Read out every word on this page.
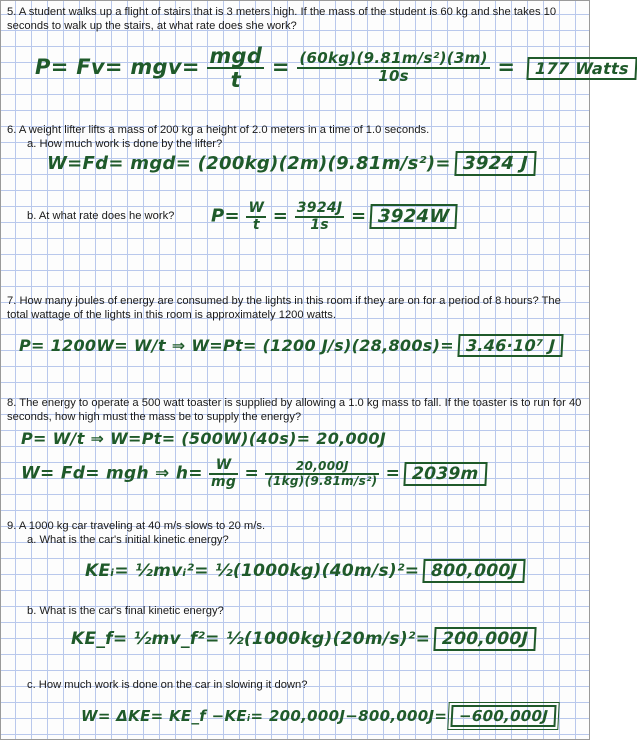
5. A student walks up a flight of stairs that is 3 meters high. If the mass of the student is 60 kg and she takes 10 seconds to walk up the stairs, at what rate does she work?
$P= Fv= mgv= \frac{\text{mgd}}{t} = \frac{\text{(60kg)(9.81m/s²)(3m)}}{10s} = 177$ Watts
6. A weight lifter lifts a mass of 200 kg a height of 2.0 meters in a time of 1.0 seconds.
a. How much work is done by the lifter?
W=Fd= mgd= (200kg)(2m)(9.81m/s²)= 3924 J
b. At what rate does he work?	$P= \frac{W}{t} = \frac{3924J}{1s} = 3924W$
7. How many joules of energy are consumed by the lights in this room if they are on for a period of 8 hours? The total wattage of the lights in this room is approximately 1200 watts.
P= 1200W= W/t ⇒ W=Pt= (1200 J/s)(28,800s)= 3.46·10⁷ J
8. The energy to operate a 500 watt toaster is supplied by allowing a 1.0 kg mass to fall. If the toaster is to run for 40 seconds, how high must the mass be to supply the energy?
P= W/t ⇒ W=Pt= (500W)(40s)= 20,000J
W= Fd= mgh ⇒ $h= \frac{W}{mg} = \frac{20,000J}{\text{(1kg)(9.81m/s²)}} = 2039m$
9. A 1000 kg car traveling at 40 m/s slows to 20 m/s.
a. What is the car's initial kinetic energy?
KEᵢ= ½mvᵢ²= ½(1000kg)(40m/s)²= 800,000J
b. What is the car's final kinetic energy?
KE_f= ½mv_f²= ½(1000kg)(20m/s)²= 200,000J
c. How much work is done on the car in slowing it down?
W= ΔKE= KE_f −KEᵢ= 200,000J−800,000J= −600,000J
